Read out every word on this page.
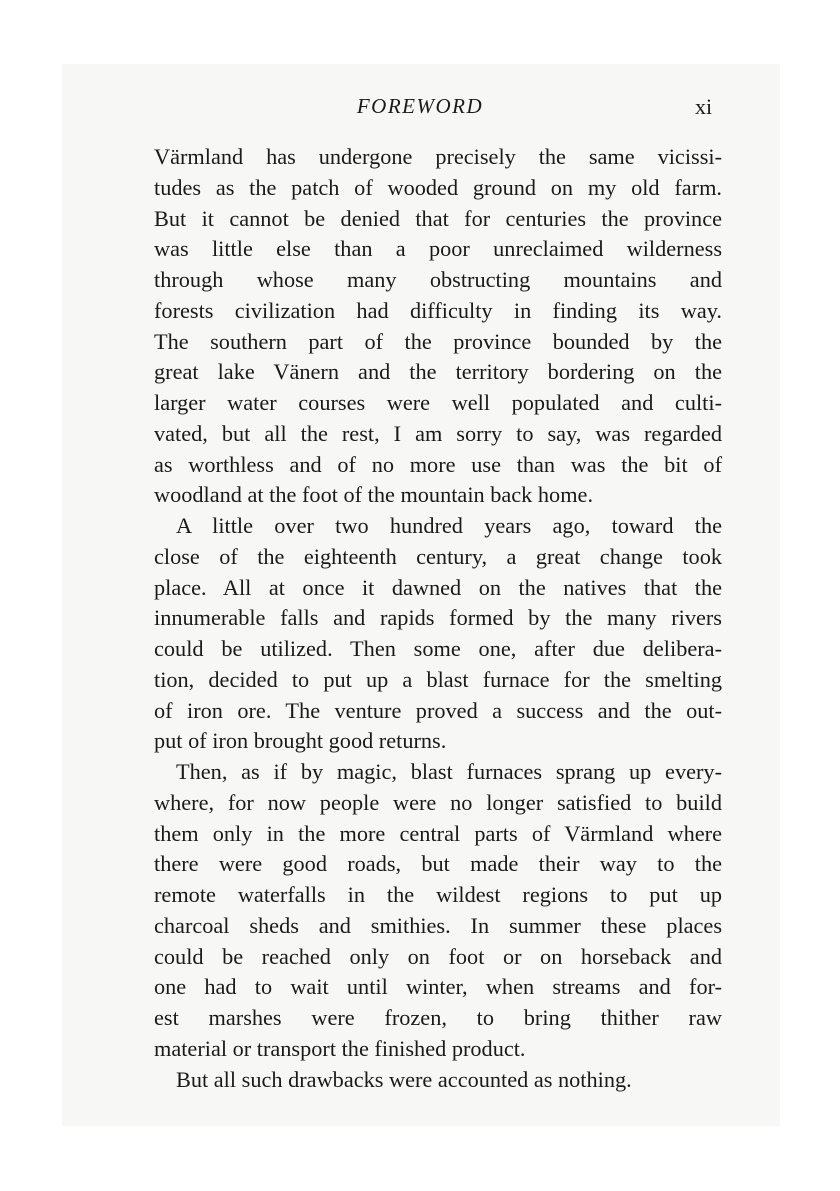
FOREWORD	xi
Värmland has undergone precisely the same vicissi-
tudes as the patch of wooded ground on my old farm.
But it cannot be denied that for centuries the province
was little else than a poor unreclaimed wilderness
through whose many obstructing mountains and
forests civilization had difficulty in finding its way.
The southern part of the province bounded by the
great lake Vänern and the territory bordering on the
larger water courses were well populated and culti-
vated, but all the rest, I am sorry to say, was regarded
as worthless and of no more use than was the bit of
woodland at the foot of the mountain back home.
A little over two hundred years ago, toward the
close of the eighteenth century, a great change took
place. All at once it dawned on the natives that the
innumerable falls and rapids formed by the many rivers
could be utilized. Then some one, after due delibera-
tion, decided to put up a blast furnace for the smelting
of iron ore. The venture proved a success and the out-
put of iron brought good returns.
Then, as if by magic, blast furnaces sprang up every-
where, for now people were no longer satisfied to build
them only in the more central parts of Värmland where
there were good roads, but made their way to the
remote waterfalls in the wildest regions to put up
charcoal sheds and smithies. In summer these places
could be reached only on foot or on horseback and
one had to wait until winter, when streams and for-
est marshes were frozen, to bring thither raw
material or transport the finished product.
But all such drawbacks were accounted as nothing.
